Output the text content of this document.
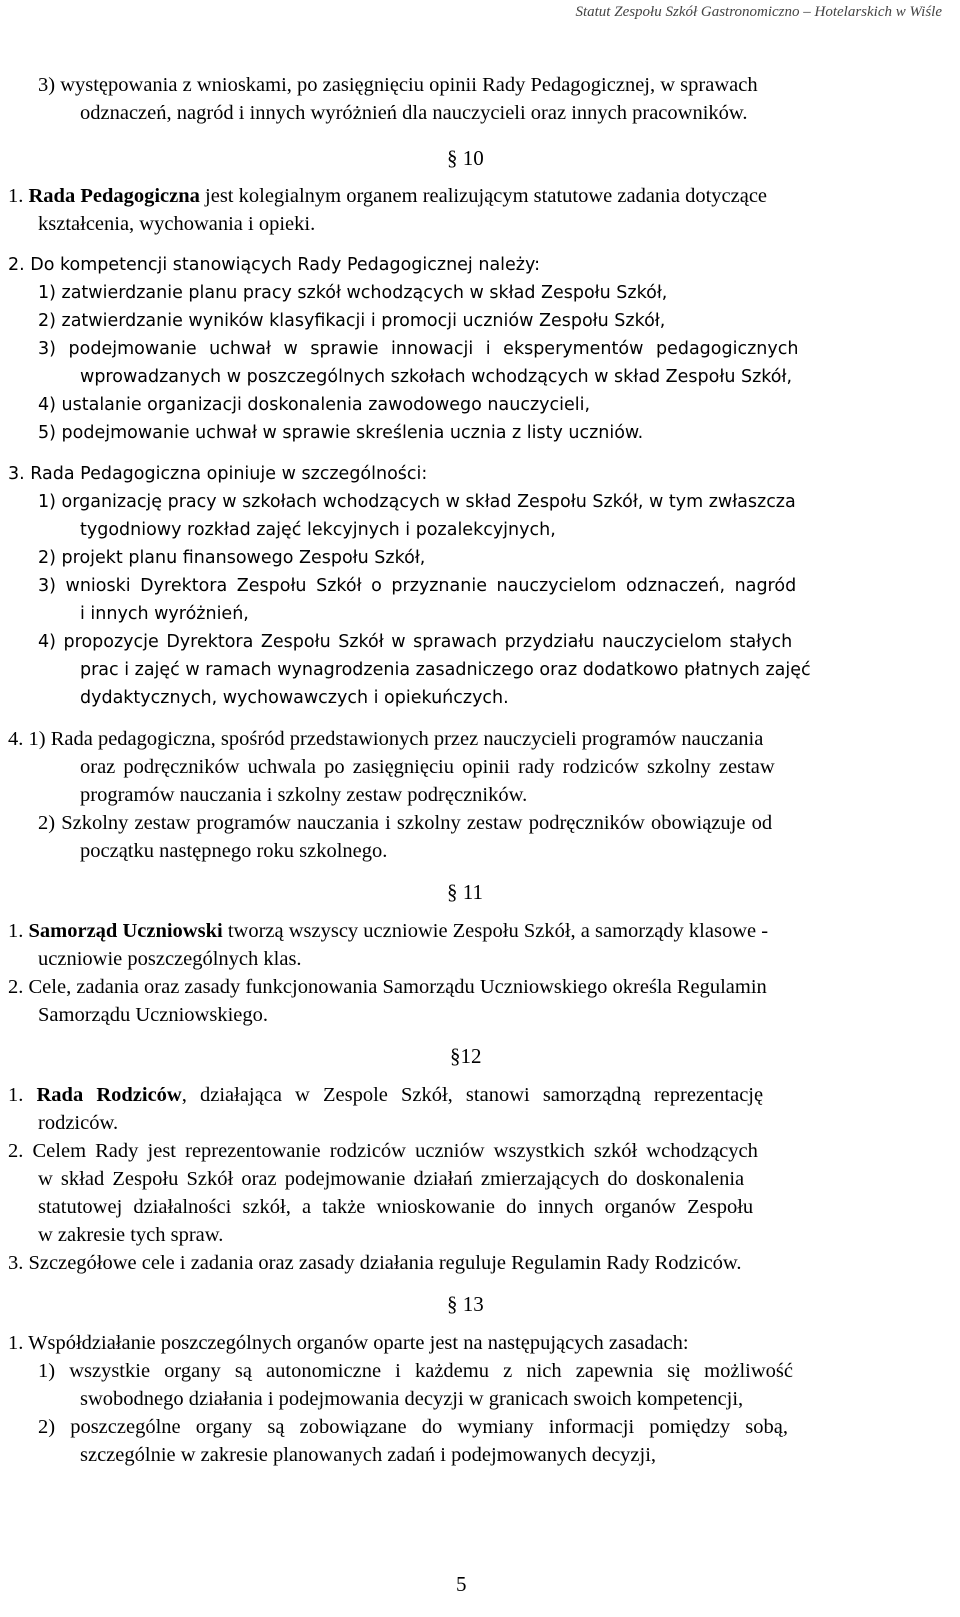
Statut Zespołu Szkół Gastronomiczno – Hotelarskich w Wiśle
3) występowania z wnioskami, po zasięgnięciu opinii Rady Pedagogicznej, w sprawach
odznaczeń, nagród i innych wyróżnień dla nauczycieli oraz innych pracowników.
§ 10
1. Rada Pedagogiczna jest kolegialnym organem realizującym statutowe zadania dotyczące
kształcenia, wychowania i opieki.
2. Do kompetencji stanowiących Rady Pedagogicznej należy:
1) zatwierdzanie planu pracy szkół wchodzących w skład Zespołu Szkół,
2) zatwierdzanie wyników klasyfikacji i promocji uczniów Zespołu Szkół,
3) podejmowanie uchwał w sprawie innowacji i eksperymentów pedagogicznych
wprowadzanych w poszczególnych szkołach wchodzących w skład Zespołu Szkół,
4) ustalanie organizacji doskonalenia zawodowego nauczycieli,
5) podejmowanie uchwał w sprawie skreślenia ucznia z listy uczniów.
3. Rada Pedagogiczna opiniuje w szczególności:
1) organizację pracy w szkołach wchodzących w skład Zespołu Szkół, w tym zwłaszcza
tygodniowy rozkład zajęć lekcyjnych i pozalekcyjnych,
2) projekt planu finansowego Zespołu Szkół,
3) wnioski Dyrektora Zespołu Szkół o przyznanie nauczycielom odznaczeń, nagród
i innych wyróżnień,
4) propozycje Dyrektora Zespołu Szkół w sprawach przydziału nauczycielom stałych
prac i zajęć w ramach wynagrodzenia zasadniczego oraz dodatkowo płatnych zajęć
dydaktycznych, wychowawczych i opiekuńczych.
4. 1) Rada pedagogiczna, spośród przedstawionych przez nauczycieli programów nauczania
oraz podręczników uchwala po zasięgnięciu opinii rady rodziców szkolny zestaw
programów nauczania i szkolny zestaw podręczników.
2) Szkolny zestaw programów nauczania i szkolny zestaw podręczników obowiązuje od
początku następnego roku szkolnego.
§ 11
1. Samorząd Uczniowski tworzą wszyscy uczniowie Zespołu Szkół, a samorządy klasowe -
uczniowie poszczególnych klas.
2. Cele, zadania oraz zasady funkcjonowania Samorządu Uczniowskiego określa Regulamin
Samorządu Uczniowskiego.
§12
1. Rada Rodziców, działająca w Zespole Szkół, stanowi samorządną reprezentację
rodziców.
2. Celem Rady jest reprezentowanie rodziców uczniów wszystkich szkół wchodzących
w skład Zespołu Szkół oraz podejmowanie działań zmierzających do doskonalenia
statutowej działalności szkół, a także wnioskowanie do innych organów Zespołu
w zakresie tych spraw.
3. Szczegółowe cele i zadania oraz zasady działania reguluje Regulamin Rady Rodziców.
§ 13
1. Współdziałanie poszczególnych organów oparte jest na następujących zasadach:
1) wszystkie organy są autonomiczne i każdemu z nich zapewnia się możliwość
swobodnego działania i podejmowania decyzji w granicach swoich kompetencji,
2) poszczególne organy są zobowiązane do wymiany informacji pomiędzy sobą,
szczególnie w zakresie planowanych zadań i podejmowanych decyzji,
5
